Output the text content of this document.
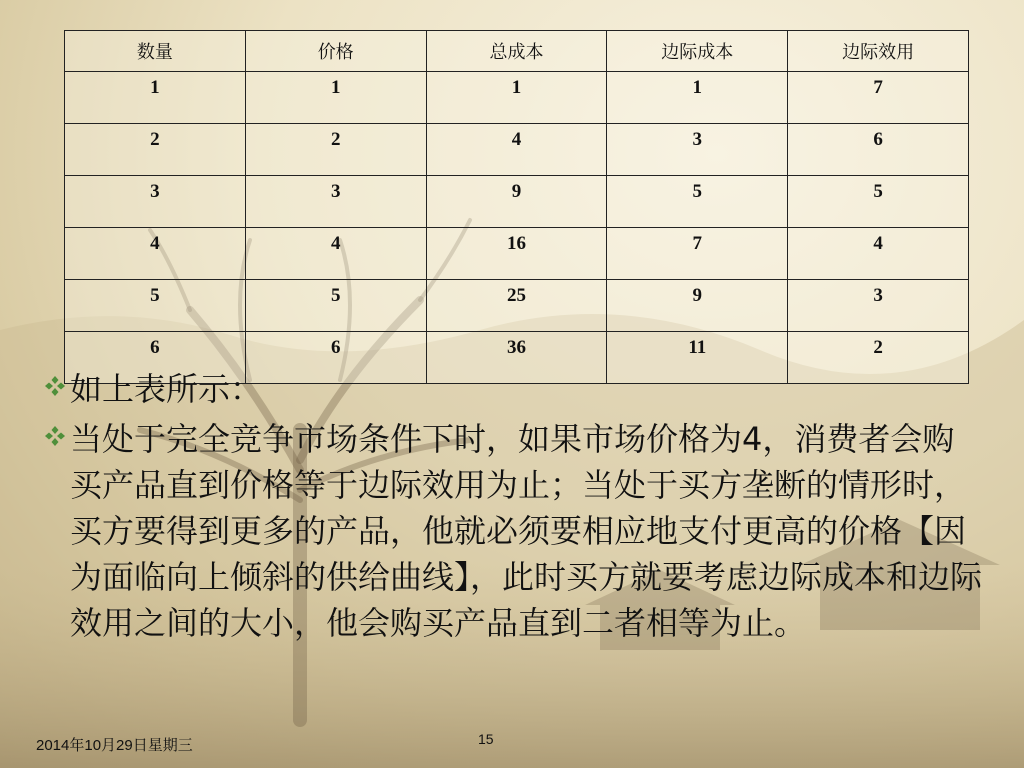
数量	价格	总成本	边际成本	边际效用
1	1	1	1	7
2	2	4	3	6
3	3	9	5	5
4	4	16	7	4
5	5	25	9	3
6	6	36	11	2
如上表所示：
当处于完全竞争市场条件下时，如果市场价格为4，消费者会购买产品直到价格等于边际效用为止；当处于买方垄断的情形时，买方要得到更多的产品，他就必须要相应地支付更高的价格【因为面临向上倾斜的供给曲线】，此时买方就要考虑边际成本和边际效用之间的大小，他会购买产品直到二者相等为止。
2014年10月29日星期三	15
